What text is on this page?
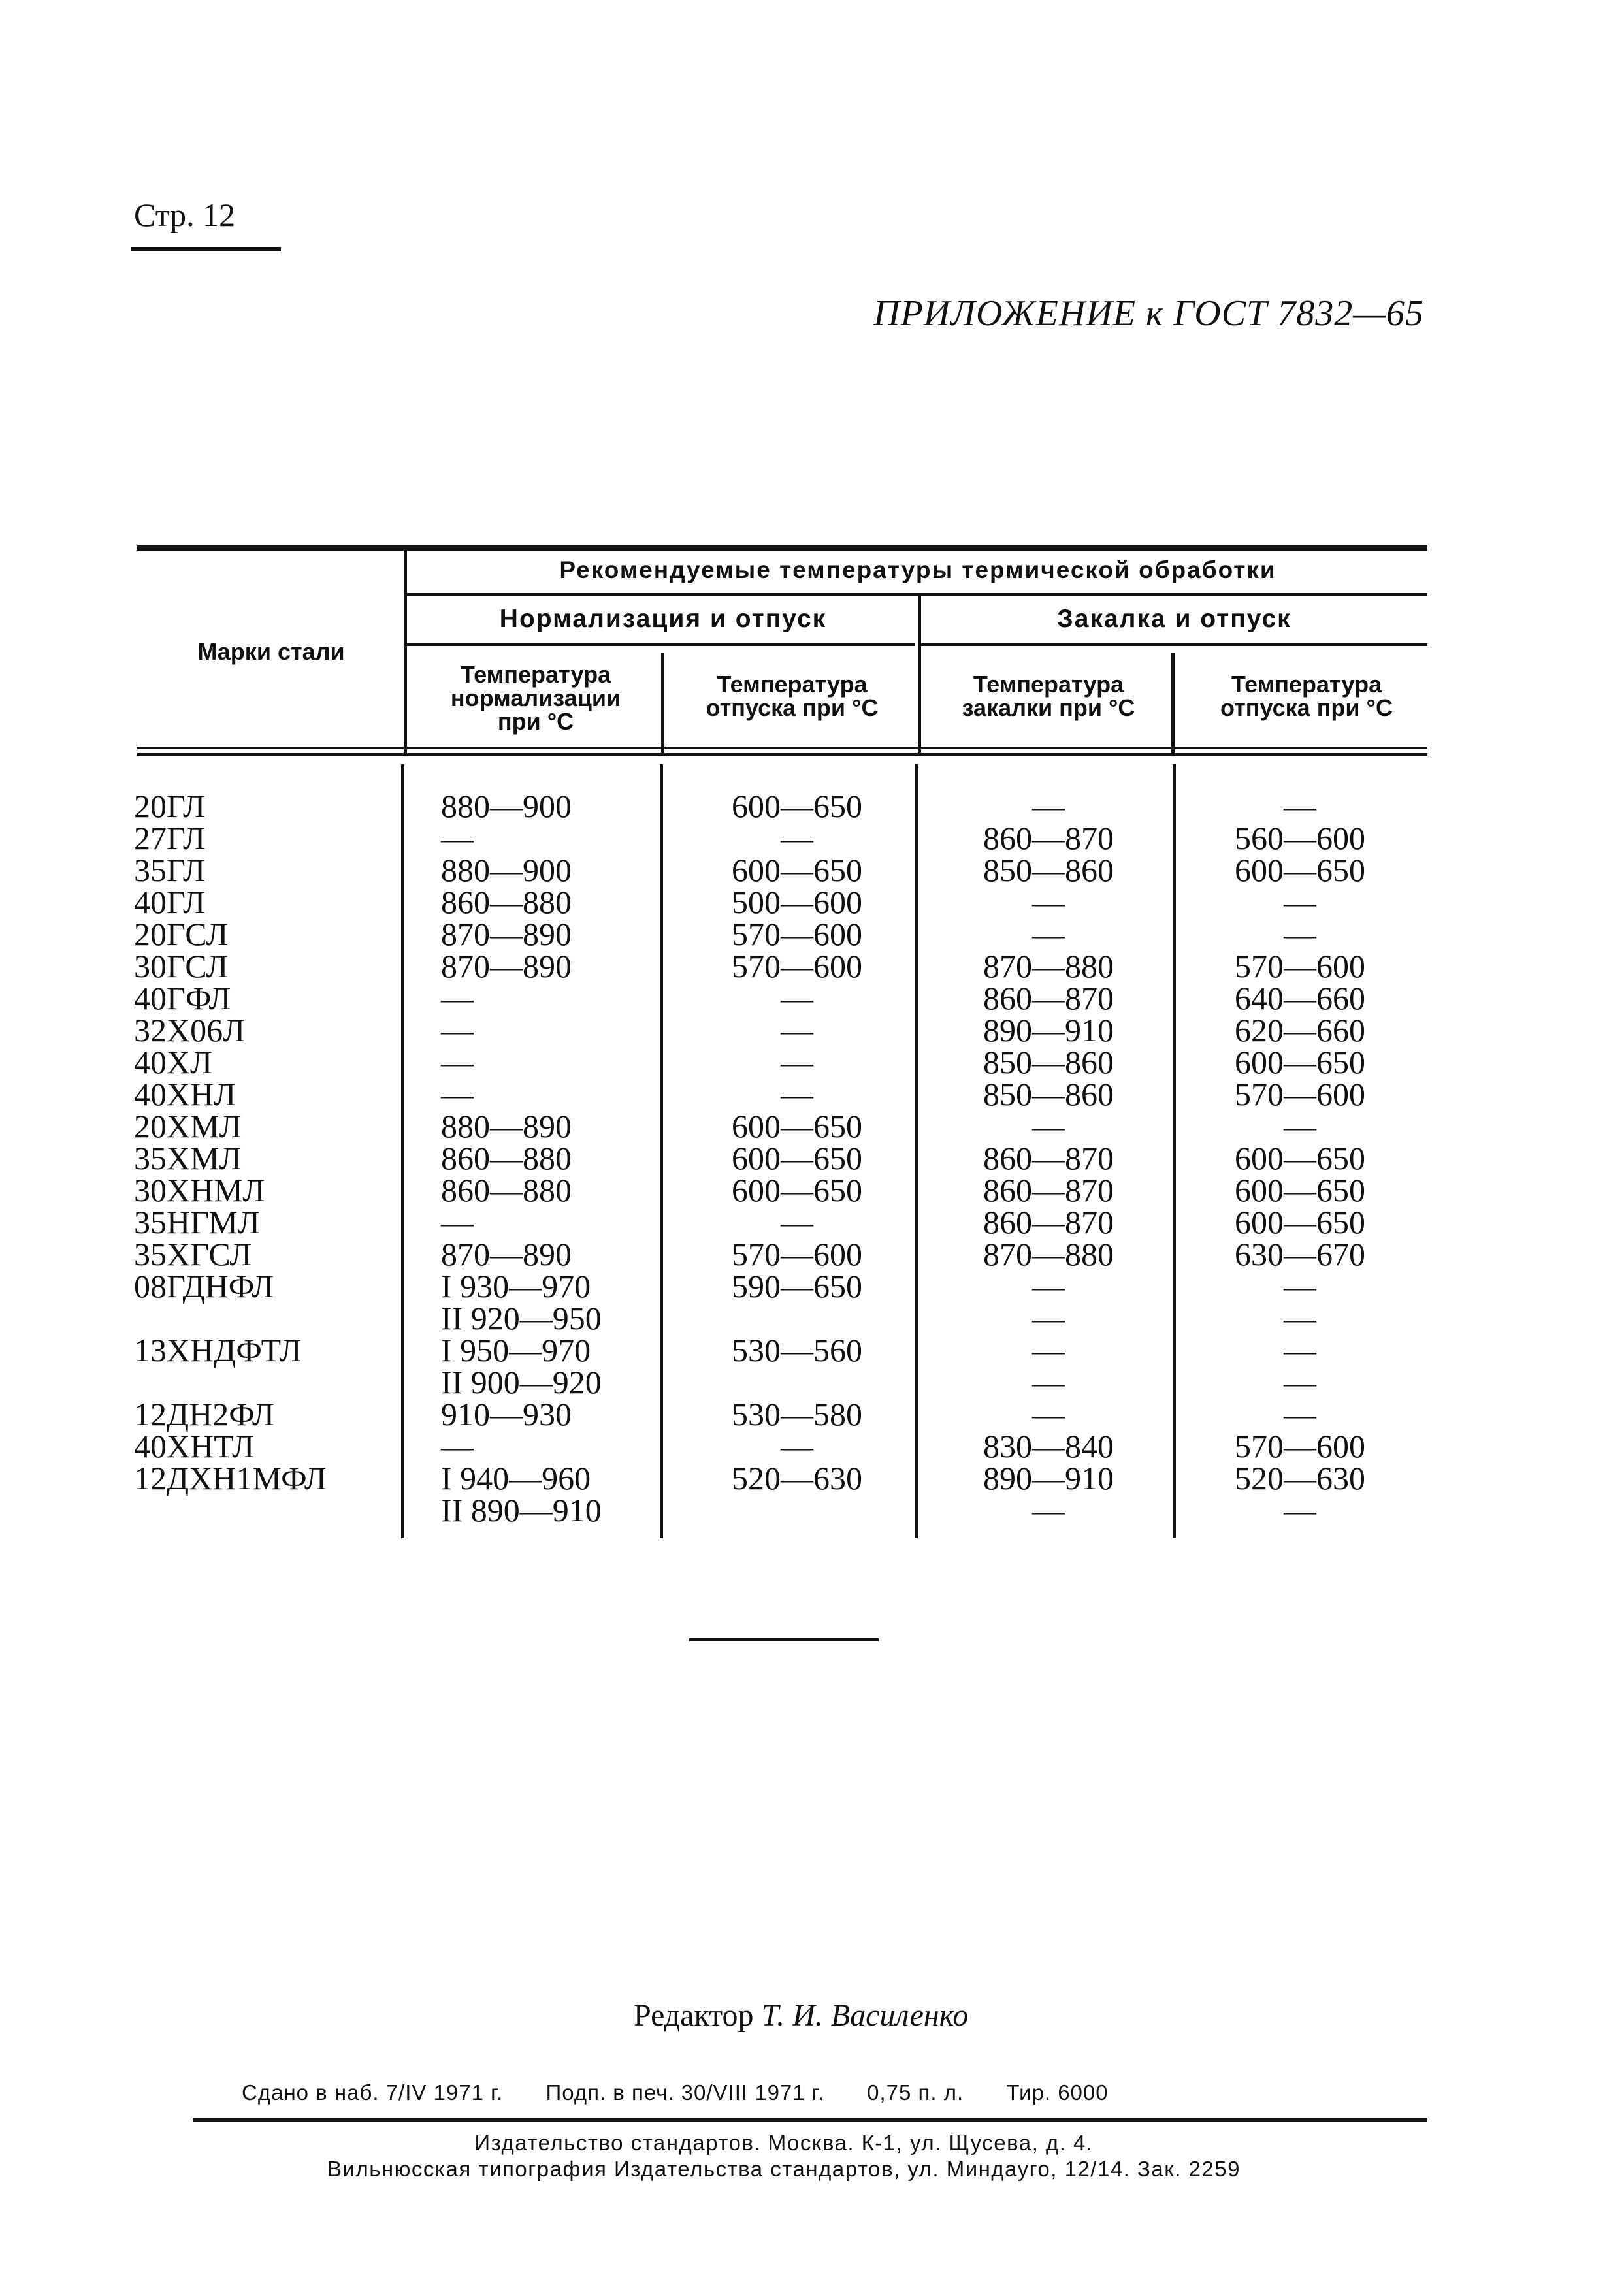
Стр. 12
ПРИЛОЖЕНИЕ к ГОСТ 7832—65
Марки стали
Рекомендуемые температуры термической обработки
Нормализация и отпуск	Закалка и отпуск
Температура нормализации при °С
Температура отпуска при °С
Температура закалки при °С
Температура отпуска при °С
20ГЛ
27ГЛ
35ГЛ
40ГЛ
20ГСЛ
30ГСЛ
40ГФЛ
32Х06Л
40ХЛ
40ХНЛ
20ХМЛ
35ХМЛ
30ХНМЛ
35НГМЛ
35ХГСЛ
08ГДНФЛ
13ХНДФТЛ
12ДН2ФЛ
40ХНТЛ
12ДХН1МФЛ
880—900
—
880—900
860—880
870—890
870—890
—
—
—
—
880—890
860—880
860—880
—
870—890
I 930—970
II 920—950
I 950—970
II 900—920
910—930
—
I 940—960
II 890—910
600—650
—
600—650
500—600
570—600
570—600
—
—
—
—
600—650
600—650
600—650
—
570—600
590—650
530—560
530—580
—
520—630
—
860—870
850—860
—
—
870—880
860—870
890—910
850—860
850—860
—
860—870
860—870
860—870
870—880
—
—
—
—
—
830—840
890—910
—
—
560—600
600—650
—
—
570—600
640—660
620—660
600—650
570—600
—
600—650
600—650
600—650
630—670
—
—
—
—
—
570—600
520—630
—
Редактор Т. И. Василенко
Сдано в наб. 7/IV 1971 г. Подп. в печ. 30/VIII 1971 г. 0,75 п. л. Тир. 6000
Издательство стандартов. Москва. К-1, ул. Щусева, д. 4.
Вильнюсская типография Издательства стандартов, ул. Миндауго, 12/14. Зак. 2259
